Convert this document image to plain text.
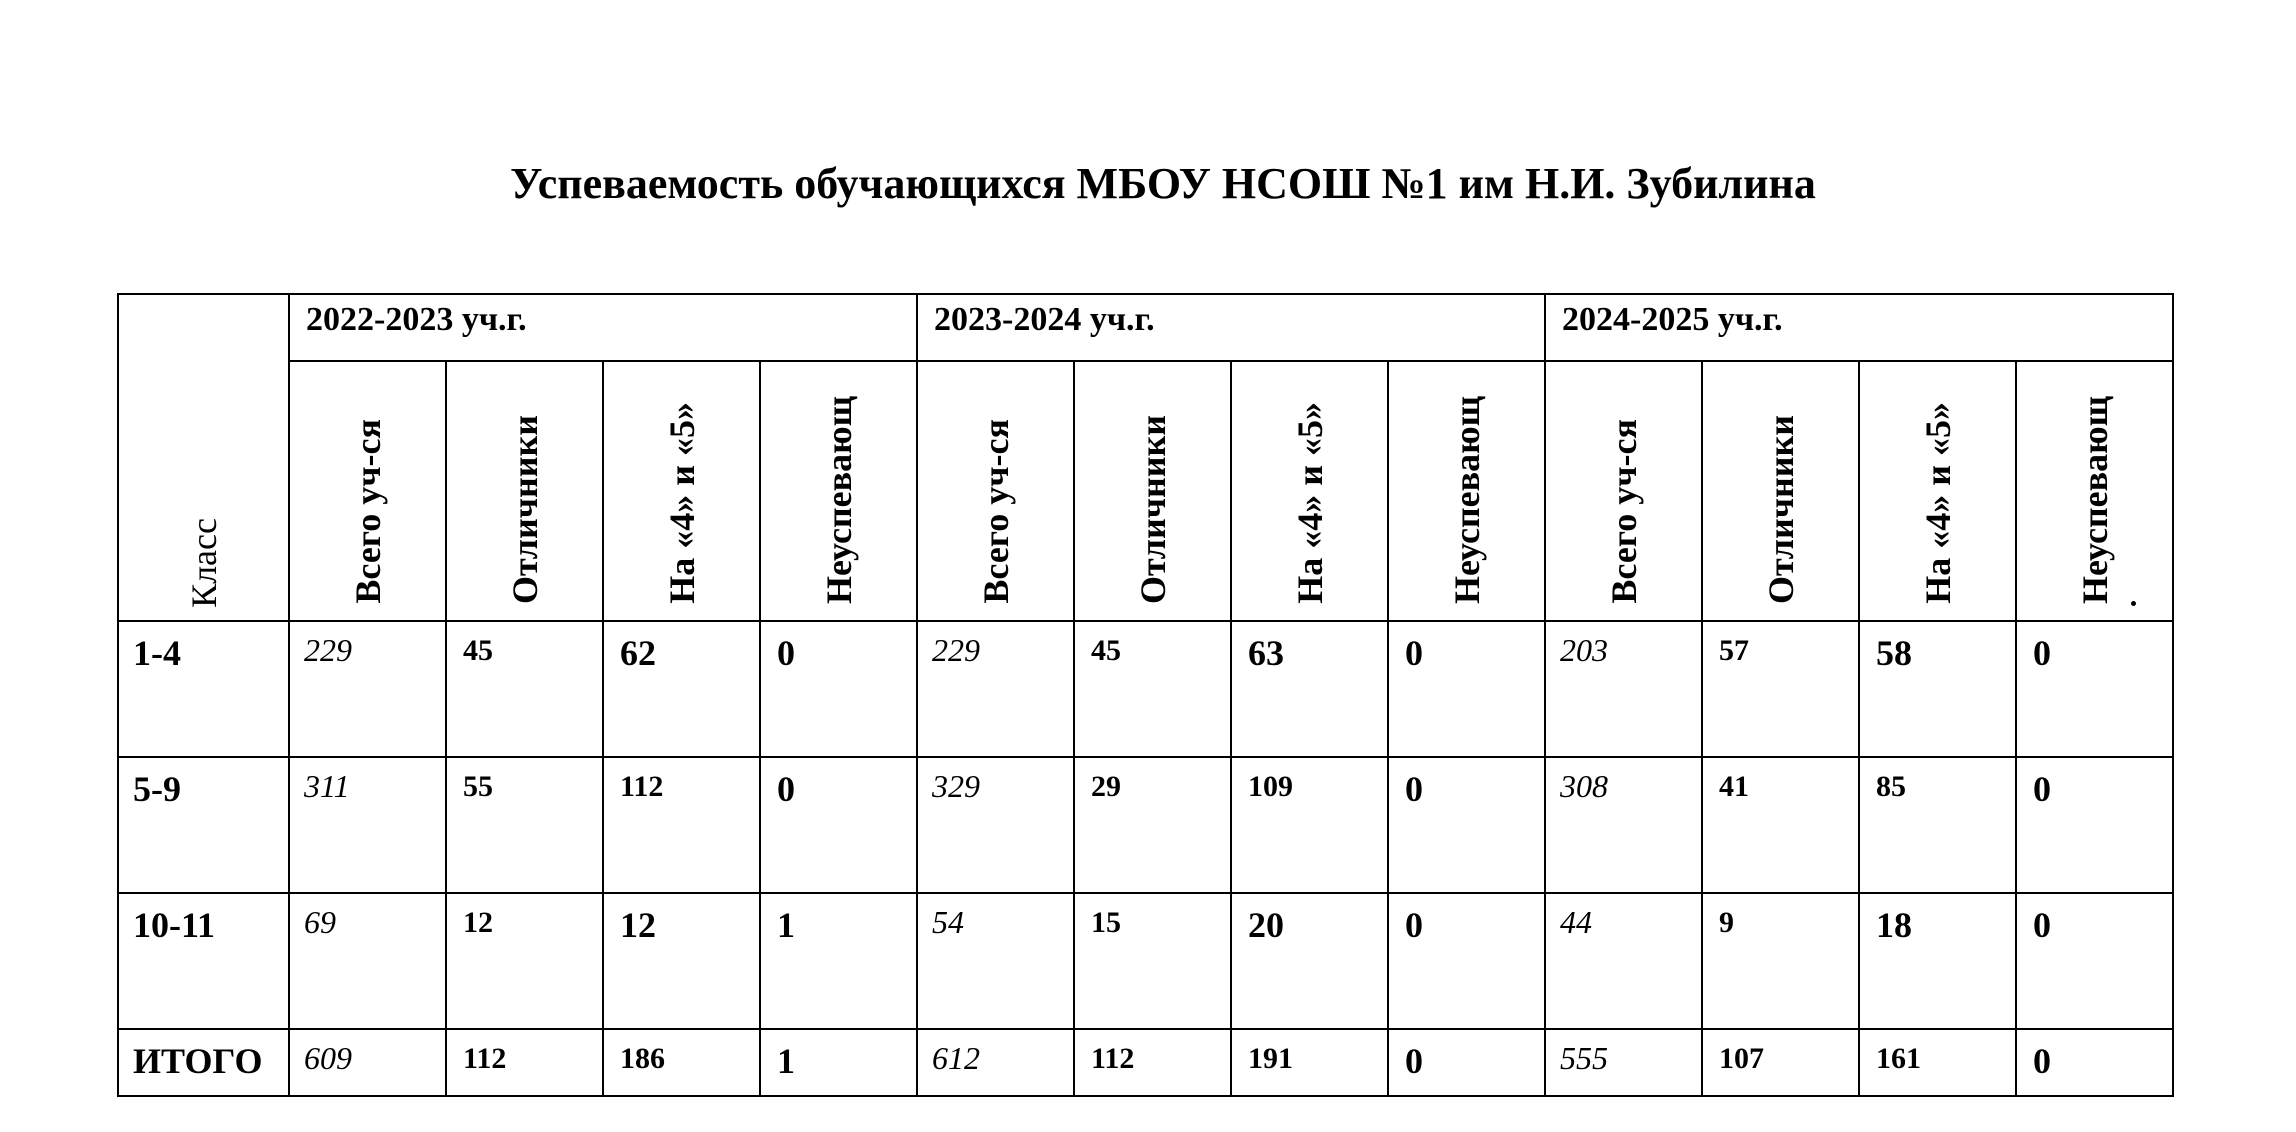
Успеваемость обучающихся МБОУ НСОШ №1 им Н.И. Зубилина
Класс	2022-2023 уч.г.				2023-2024 уч.г.				2024-2025 уч.г.			

	Всего уч-ся	Отличники	На «4» и «5»	Неуспевающ	Всего уч-ся	Отличники	На «4» и «5»	Неуспевающ	Всего уч-ся	Отличники	На «4» и «5»	Неуспевающ

1-4	229	45	62	0	229	45	63	0	203	57	58	0
5-9	311	55	112	0	329	29	109	0	308	41	85	0
10-11	69	12	12	1	54	15	20	0	44	9	18	0
ИТОГО	609	112	186	1	612	112	191	0	555	107	161	0
